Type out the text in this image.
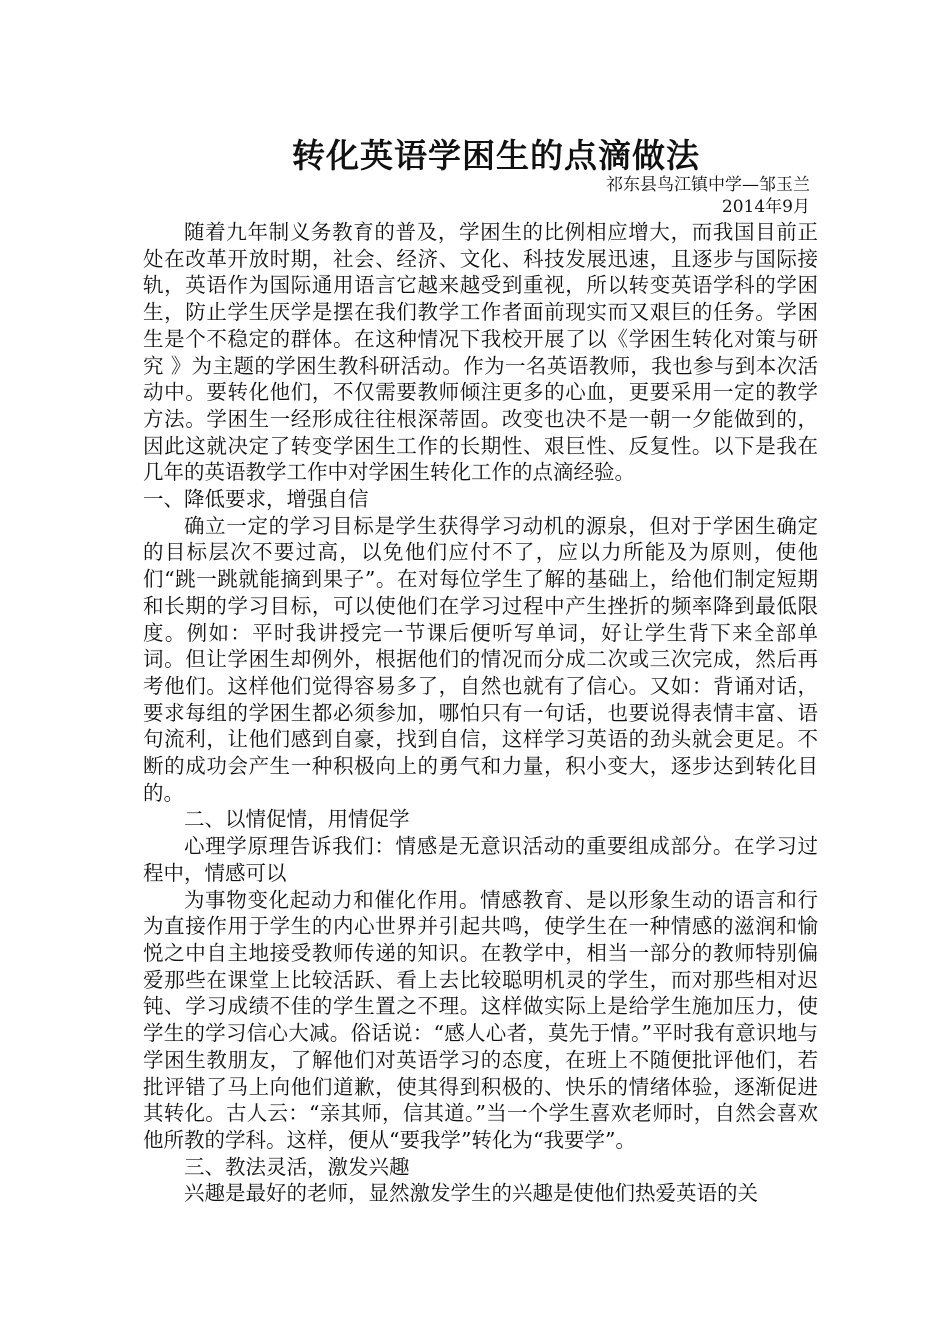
转化英语学困生的点滴做法
祁东县鸟江镇中学—邹玉兰
2014年9月

随着九年制义务教育的普及，学困生的比例相应增大，而我国目前正处在改革开放时期，社会、经济、文化、科技发展迅速，且逐步与国际接轨，英语作为国际通用语言它越来越受到重视，所以转变英语学科的学困生，防止学生厌学是摆在我们教学工作者面前现实而又艰巨的任务。学困生是个不稳定的群体。在这种情况下我校开展了以《学困生转化对策与研究 》为主题的学困生教科研活动。作为一名英语教师，我也参与到本次活动中。要转化他们，不仅需要教师倾注更多的心血，更要采用一定的教学方法。学困生一经形成往往根深蒂固。改变也决不是一朝一夕能做到的，因此这就决定了转变学困生工作的长期性、艰巨性、反复性。以下是我在几年的英语教学工作中对学困生转化工作的点滴经验。

一、降低要求，增强自信

确立一定的学习目标是学生获得学习动机的源泉，但对于学困生确定的目标层次不要过高，以免他们应付不了，应以力所能及为原则，使他们“跳一跳就能摘到果子”。在对每位学生了解的基础上，给他们制定短期和长期的学习目标，可以使他们在学习过程中产生挫折的频率降到最低限度。例如：平时我讲授完一节课后便听写单词，好让学生背下来全部单词。但让学困生却例外，根据他们的情况而分成二次或三次完成，然后再考他们。这样他们觉得容易多了，自然也就有了信心。又如：背诵对话，要求每组的学困生都必须参加，哪怕只有一句话，也要说得表情丰富、语句流利，让他们感到自豪，找到自信，这样学习英语的劲头就会更足。不断的成功会产生一种积极向上的勇气和力量，积小变大，逐步达到转化目的。

二、以情促情，用情促学

心理学原理告诉我们：情感是无意识活动的重要组成部分。在学习过程中，情感可以

为事物变化起动力和催化作用。情感教育、是以形象生动的语言和行为直接作用于学生的内心世界并引起共鸣，使学生在一种情感的滋润和愉悦之中自主地接受教师传递的知识。在教学中，相当一部分的教师特别偏爱那些在课堂上比较活跃、看上去比较聪明机灵的学生，而对那些相对迟钝、学习成绩不佳的学生置之不理。这样做实际上是给学生施加压力，使学生的学习信心大减。俗话说：“感人心者，莫先于情。”平时我有意识地与学困生教朋友，了解他们对英语学习的态度，在班上不随便批评他们，若批评错了马上向他们道歉，使其得到积极的、快乐的情绪体验，逐渐促进其转化。古人云：“亲其师，信其道。”当一个学生喜欢老师时，自然会喜欢他所教的学科。这样，便从“要我学”转化为“我要学”。

三、教法灵活，激发兴趣

兴趣是最好的老师，显然激发学生的兴趣是使他们热爱英语的关
